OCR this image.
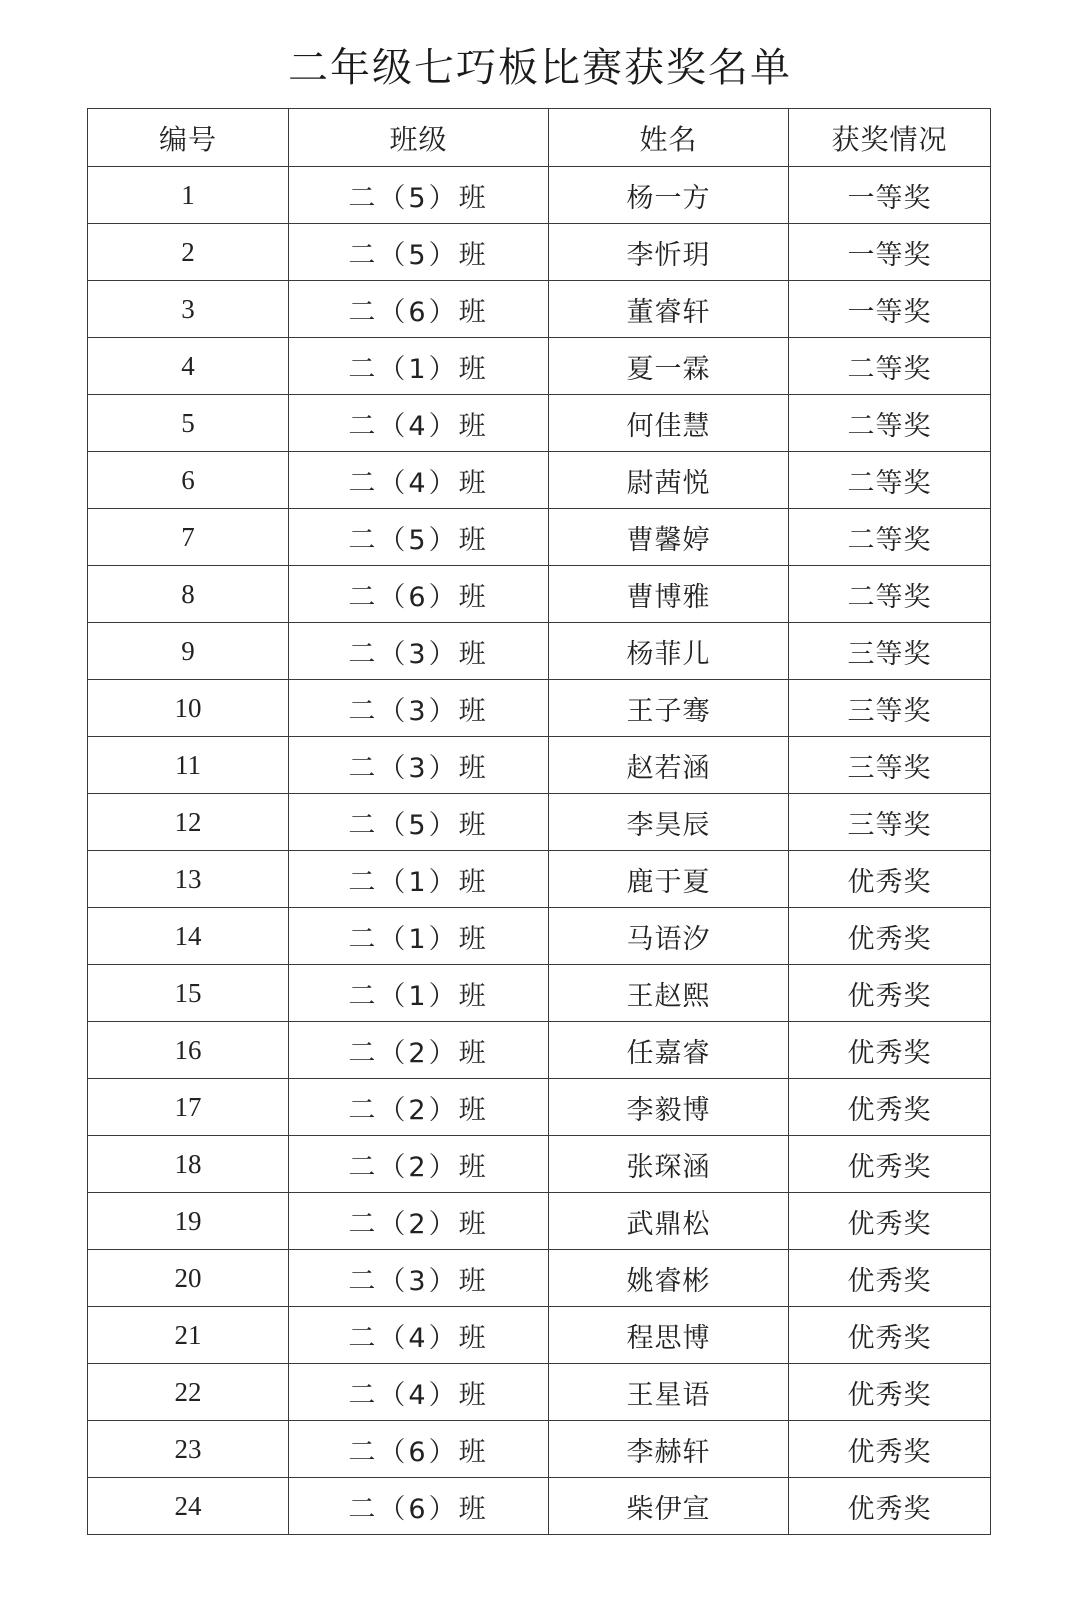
二年级七巧板比赛获奖名单
编号	班级	姓名	获奖情况
1	二（5）班	杨一方	一等奖
2	二（5）班	李忻玥	一等奖
3	二（6）班	董睿轩	一等奖
4	二（1）班	夏一霖	二等奖
5	二（4）班	何佳慧	二等奖
6	二（4）班	尉茜悦	二等奖
7	二（5）班	曹馨婷	二等奖
8	二（6）班	曹博雅	二等奖
9	二（3）班	杨菲儿	三等奖
10	二（3）班	王子骞	三等奖
11	二（3）班	赵若涵	三等奖
12	二（5）班	李昊辰	三等奖
13	二（1）班	鹿于夏	优秀奖
14	二（1）班	马语汐	优秀奖
15	二（1）班	王赵熙	优秀奖
16	二（2）班	任嘉睿	优秀奖
17	二（2）班	李毅博	优秀奖
18	二（2）班	张琛涵	优秀奖
19	二（2）班	武鼎松	优秀奖
20	二（3）班	姚睿彬	优秀奖
21	二（4）班	程思博	优秀奖
22	二（4）班	王星语	优秀奖
23	二（6）班	李赫轩	优秀奖
24	二（6）班	柴伊宣	优秀奖
